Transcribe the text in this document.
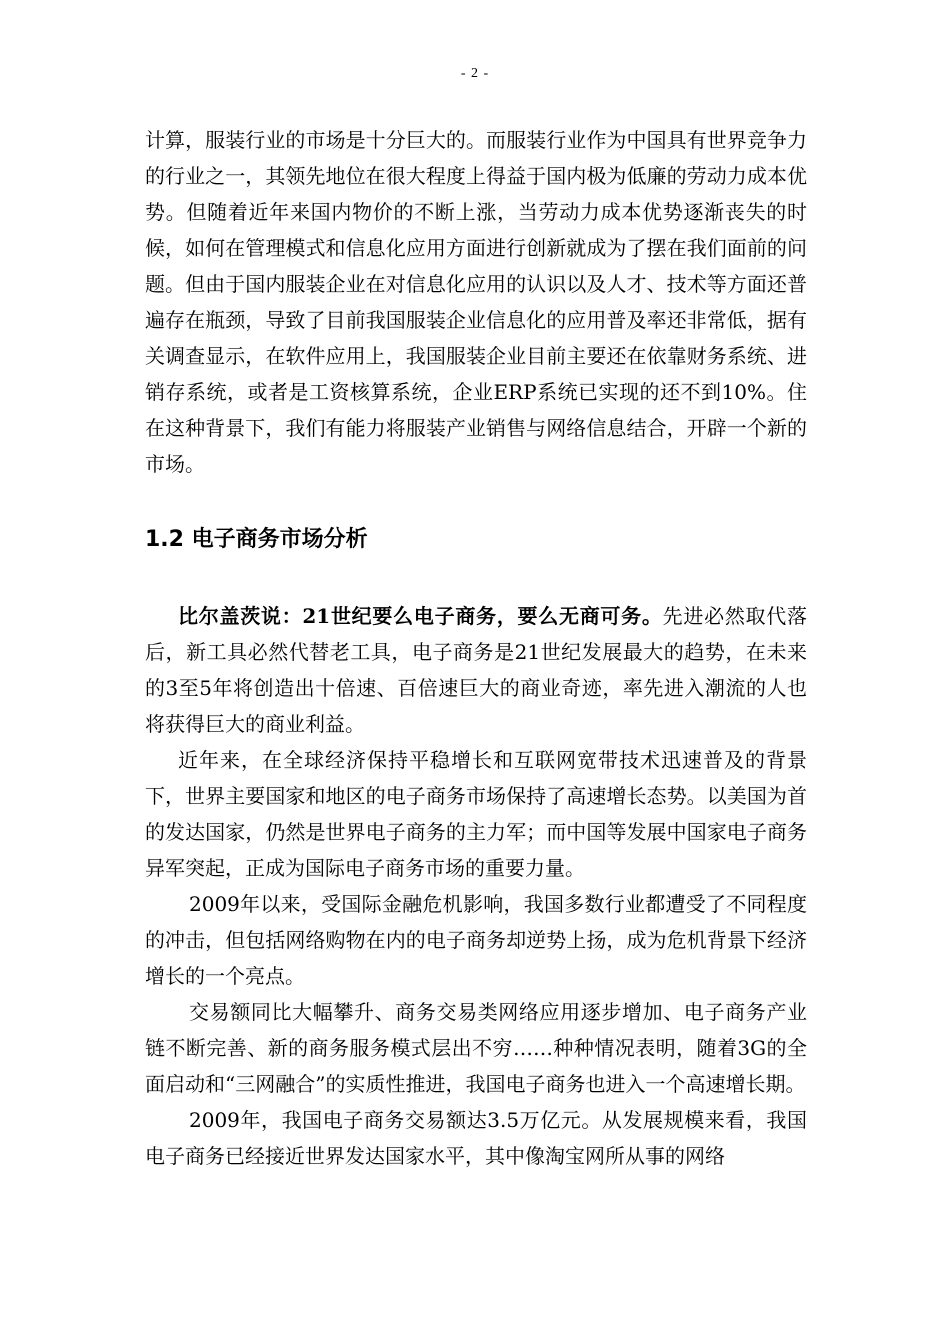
- 2 -

计算，服装行业的市场是十分巨大的。而服装行业作为中国具有世界竞争力的行业之一，其领先地位在很大程度上得益于国内极为低廉的劳动力成本优势。但随着近年来国内物价的不断上涨，当劳动力成本优势逐渐丧失的时候，如何在管理模式和信息化应用方面进行创新就成为了摆在我们面前的问题。但由于国内服装企业在对信息化应用的认识以及人才、技术等方面还普遍存在瓶颈，导致了目前我国服装企业信息化的应用普及率还非常低，据有关调查显示，在软件应用上，我国服装企业目前主要还在依靠财务系统、进销存系统，或者是工资核算系统，企业ERP系统已实现的还不到10%。住在这种背景下，我们有能力将服装产业销售与网络信息结合，开辟一个新的市场。

1.2 电子商务市场分析

比尔盖茨说：21世纪要么电子商务，要么无商可务。先进必然取代落后，新工具必然代替老工具，电子商务是21世纪发展最大的趋势，在未来的3至5年将创造出十倍速、百倍速巨大的商业奇迹，率先进入潮流的人也将获得巨大的商业利益。

近年来，在全球经济保持平稳增长和互联网宽带技术迅速普及的背景下，世界主要国家和地区的电子商务市场保持了高速增长态势。以美国为首的发达国家，仍然是世界电子商务的主力军；而中国等发展中国家电子商务异军突起，正成为国际电子商务市场的重要力量。

2009年以来，受国际金融危机影响，我国多数行业都遭受了不同程度的冲击，但包括网络购物在内的电子商务却逆势上扬，成为危机背景下经济增长的一个亮点。

交易额同比大幅攀升、商务交易类网络应用逐步增加、电子商务产业链不断完善、新的商务服务模式层出不穷……种种情况表明，随着3G的全面启动和“三网融合”的实质性推进，我国电子商务也进入一个高速增长期。

2009年，我国电子商务交易额达3.5万亿元。从发展规模来看，我国电子商务已经接近世界发达国家水平，其中像淘宝网所从事的网络
